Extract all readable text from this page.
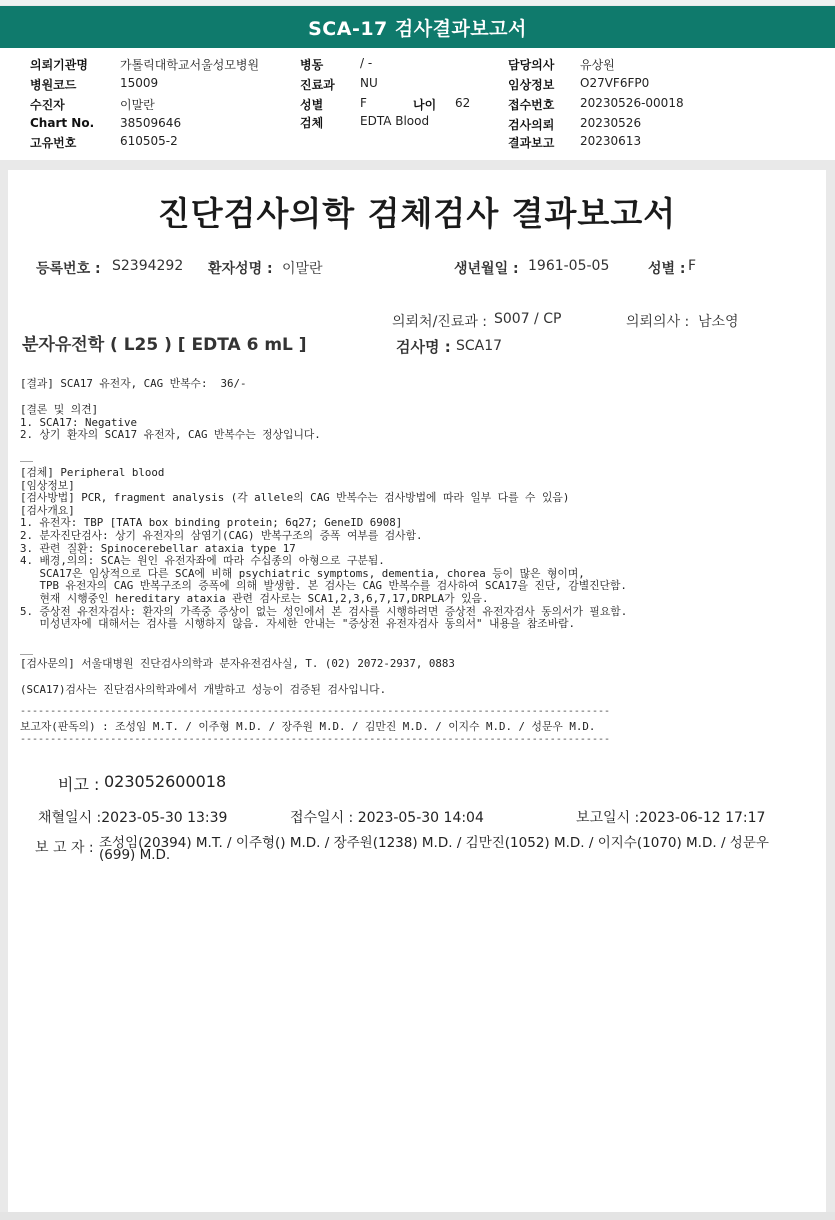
SCA-17 검사결과보고서
의뢰기관명	가톨릭대학교서울성모병원
병원코드	15009
수진자	이말란
Chart No. 38509646
고유번호	610505-2
병동	/ -
진료과 NU
성별	F	나이 62
검체	EDTA Blood
담당의사 유상원
임상정보 O27VF6FP0
접수번호 20230526-00018
검사의뢰 20230526
결과보고 20230613
진단검사의학 검체검사 결과보고서
등록번호 : S2394292 환자성명 : 이말란	생년월일 : 1961-05-05	성별 : F
의뢰처/진료과 : S007 / CP	의뢰의사 : 남소영
분자유전학 ( L25 ) [ EDTA 6 mL ]	검사명 : SCA17
[결과] SCA17 유전자, CAG 반복수:  36/-
[결론 및 의견]
1. SCA17: Negative
2. 상기 환자의 SCA17 유전자, CAG 반복수는 정상입니다.
__
[검체] Peripheral blood
[임상정보]
[검사방법] PCR, fragment analysis (각 allele의 CAG 반복수는 검사방법에 따라 일부 다를 수 있음)
[검사개요]
1. 유전자: TBP [TATA box binding protein; 6q27; GeneID 6908]
2. 분자진단검사: 상기 유전자의 삼염기(CAG) 반복구조의 증폭 여부를 검사함.
3. 관련 질환: Spinocerebellar ataxia type 17
4. 배경,의의: SCA는 원인 유전자좌에 따라 수십종의 아형으로 구분됨.
SCA17은 임상적으로 다른 SCA에 비해 psychiatric symptoms, dementia, chorea 등이 많은 형이며,
TPB 유전자의 CAG 반복구조의 증폭에 의해 발생함. 본 검사는 CAG 반복수를 검사하여 SCA17을 진단, 감별진단함.
현재 시행중인 hereditary ataxia 관련 검사로는 SCA1,2,3,6,7,17,DRPLA가 있음.
5. 증상전 유전자검사: 환자의 가족중 증상이 없는 성인에서 본 검사를 시행하려면 증상전 유전자검사 동의서가 필요함.
미성년자에 대해서는 검사를 시행하지 않음. 자세한 안내는 "증상전 유전자검사 동의서" 내용을 참조바람.
__
[검사문의] 서울대병원 진단검사의학과 분자유전검사실, T. (02) 2072-2937, 0883
(SCA17)검사는 진단검사의학과에서 개발하고 성능이 검증된 검사입니다.
--------------------------------------------------------------------------------------------------
보고자(판독의) : 조성임 M.T. / 이주형 M.D. / 장주원 M.D. / 김만진 M.D. / 이지수 M.D. / 성문우 M.D.
--------------------------------------------------------------------------------------------------
비고 : 023052600018
채혈일시 :2023-05-30 13:39	접수일시 : 2023-05-30 14:04	보고일시 :2023-06-12 17:17
보 고 자 : 조성임(20394) M.T. / 이주형() M.D. / 장주원(1238) M.D. / 김만진(1052) M.D. / 이지수(1070) M.D. / 성문우
(699) M.D.
